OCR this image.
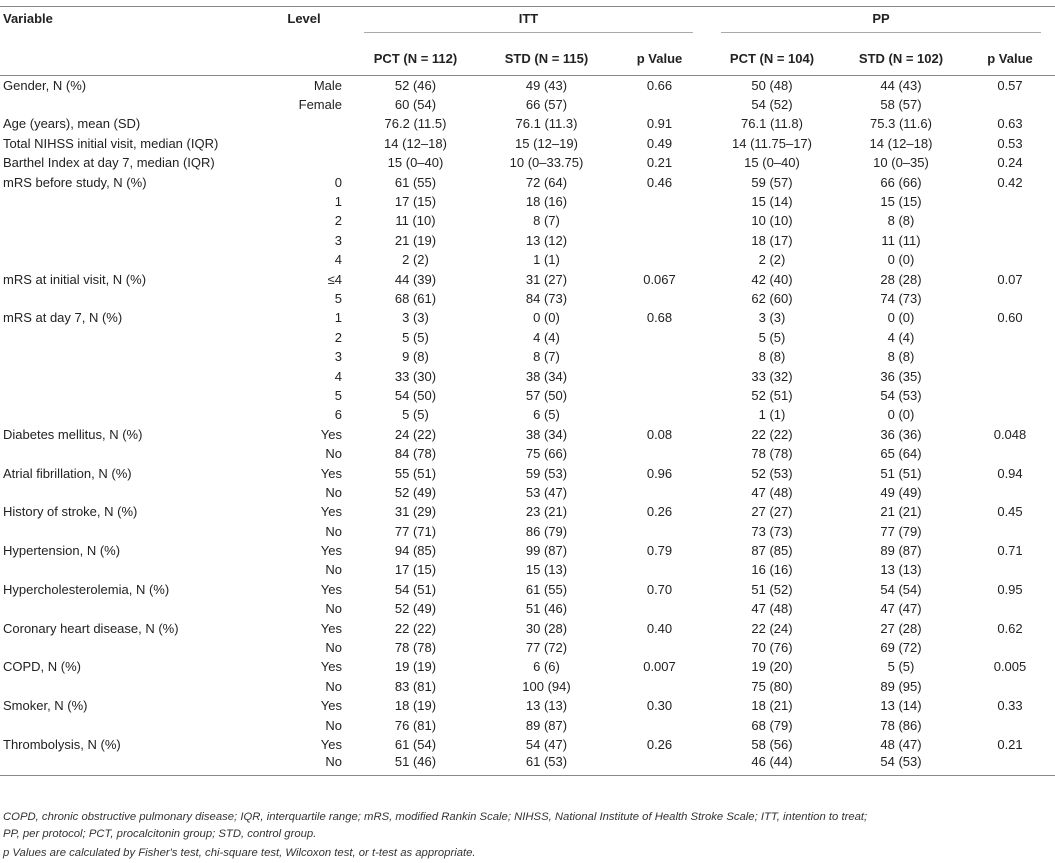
Variable	Level	ITT			PP		

		PCT (N = 112)	STD (N = 115)	p Value	PCT (N = 104)	STD (N = 102)	p Value
Gender, N (%)	Male	52 (46)	49 (43)	0.66	50 (48)	44 (43)	0.57
	Female	60 (54)	66 (57)		54 (52)	58 (57)	
Age (years), mean (SD)		76.2 (11.5)	76.1 (11.3)	0.91	76.1 (11.8)	75.3 (11.6)	0.63
Total NIHSS initial visit, median (IQR)		14 (12–18)	15 (12–19)	0.49	14 (11.75–17)	14 (12–18)	0.53
Barthel Index at day 7, median (IQR)		15 (0–40)	10 (0–33.75)	0.21	15 (0–40)	10 (0–35)	0.24
mRS before study, N (%)	0	61 (55)	72 (64)	0.46	59 (57)	66 (66)	0.42
	1	17 (15)	18 (16)		15 (14)	15 (15)	
	2	11 (10)	8 (7)		10 (10)	8 (8)	
	3	21 (19)	13 (12)		18 (17)	11 (11)	
	4	2 (2)	1 (1)		2 (2)	0 (0)	
mRS at initial visit, N (%)	≤4	44 (39)	31 (27)	0.067	42 (40)	28 (28)	0.07
	5	68 (61)	84 (73)		62 (60)	74 (73)	
mRS at day 7, N (%)	1	3 (3)	0 (0)	0.68	3 (3)	0 (0)	0.60
	2	5 (5)	4 (4)		5 (5)	4 (4)	
	3	9 (8)	8 (7)		8 (8)	8 (8)	
	4	33 (30)	38 (34)		33 (32)	36 (35)	
	5	54 (50)	57 (50)		52 (51)	54 (53)	
	6	5 (5)	6 (5)		1 (1)	0 (0)	
Diabetes mellitus, N (%)	Yes	24 (22)	38 (34)	0.08	22 (22)	36 (36)	0.048
	No	84 (78)	75 (66)		78 (78)	65 (64)	
Atrial fibrillation, N (%)	Yes	55 (51)	59 (53)	0.96	52 (53)	51 (51)	0.94
	No	52 (49)	53 (47)		47 (48)	49 (49)	
History of stroke, N (%)	Yes	31 (29)	23 (21)	0.26	27 (27)	21 (21)	0.45
	No	77 (71)	86 (79)		73 (73)	77 (79)	
Hypertension, N (%)	Yes	94 (85)	99 (87)	0.79	87 (85)	89 (87)	0.71
	No	17 (15)	15 (13)		16 (16)	13 (13)	
Hypercholesterolemia, N (%)	Yes	54 (51)	61 (55)	0.70	51 (52)	54 (54)	0.95
	No	52 (49)	51 (46)		47 (48)	47 (47)	
Coronary heart disease, N (%)	Yes	22 (22)	30 (28)	0.40	22 (24)	27 (28)	0.62
	No	78 (78)	77 (72)		70 (76)	69 (72)	
COPD, N (%)	Yes	19 (19)	6 (6)	0.007	19 (20)	5 (5)	0.005
	No	83 (81)	100 (94)		75 (80)	89 (95)	
Smoker, N (%)	Yes	18 (19)	13 (13)	0.30	18 (21)	13 (14)	0.33
	No	76 (81)	89 (87)		68 (79)	78 (86)	
Thrombolysis, N (%)	Yes	61 (54)	54 (47)	0.26	58 (56)	48 (47)	0.21
	No	51 (46)	61 (53)		46 (44)	54 (53)	
COPD, chronic obstructive pulmonary disease; IQR, interquartile range; mRS, modified Rankin Scale; NIHSS, National Institute of Health Stroke Scale; ITT, intention to treat;
PP, per protocol; PCT, procalcitonin group; STD, control group.
p Values are calculated by Fisher's test, chi-square test, Wilcoxon test, or t-test as appropriate.
